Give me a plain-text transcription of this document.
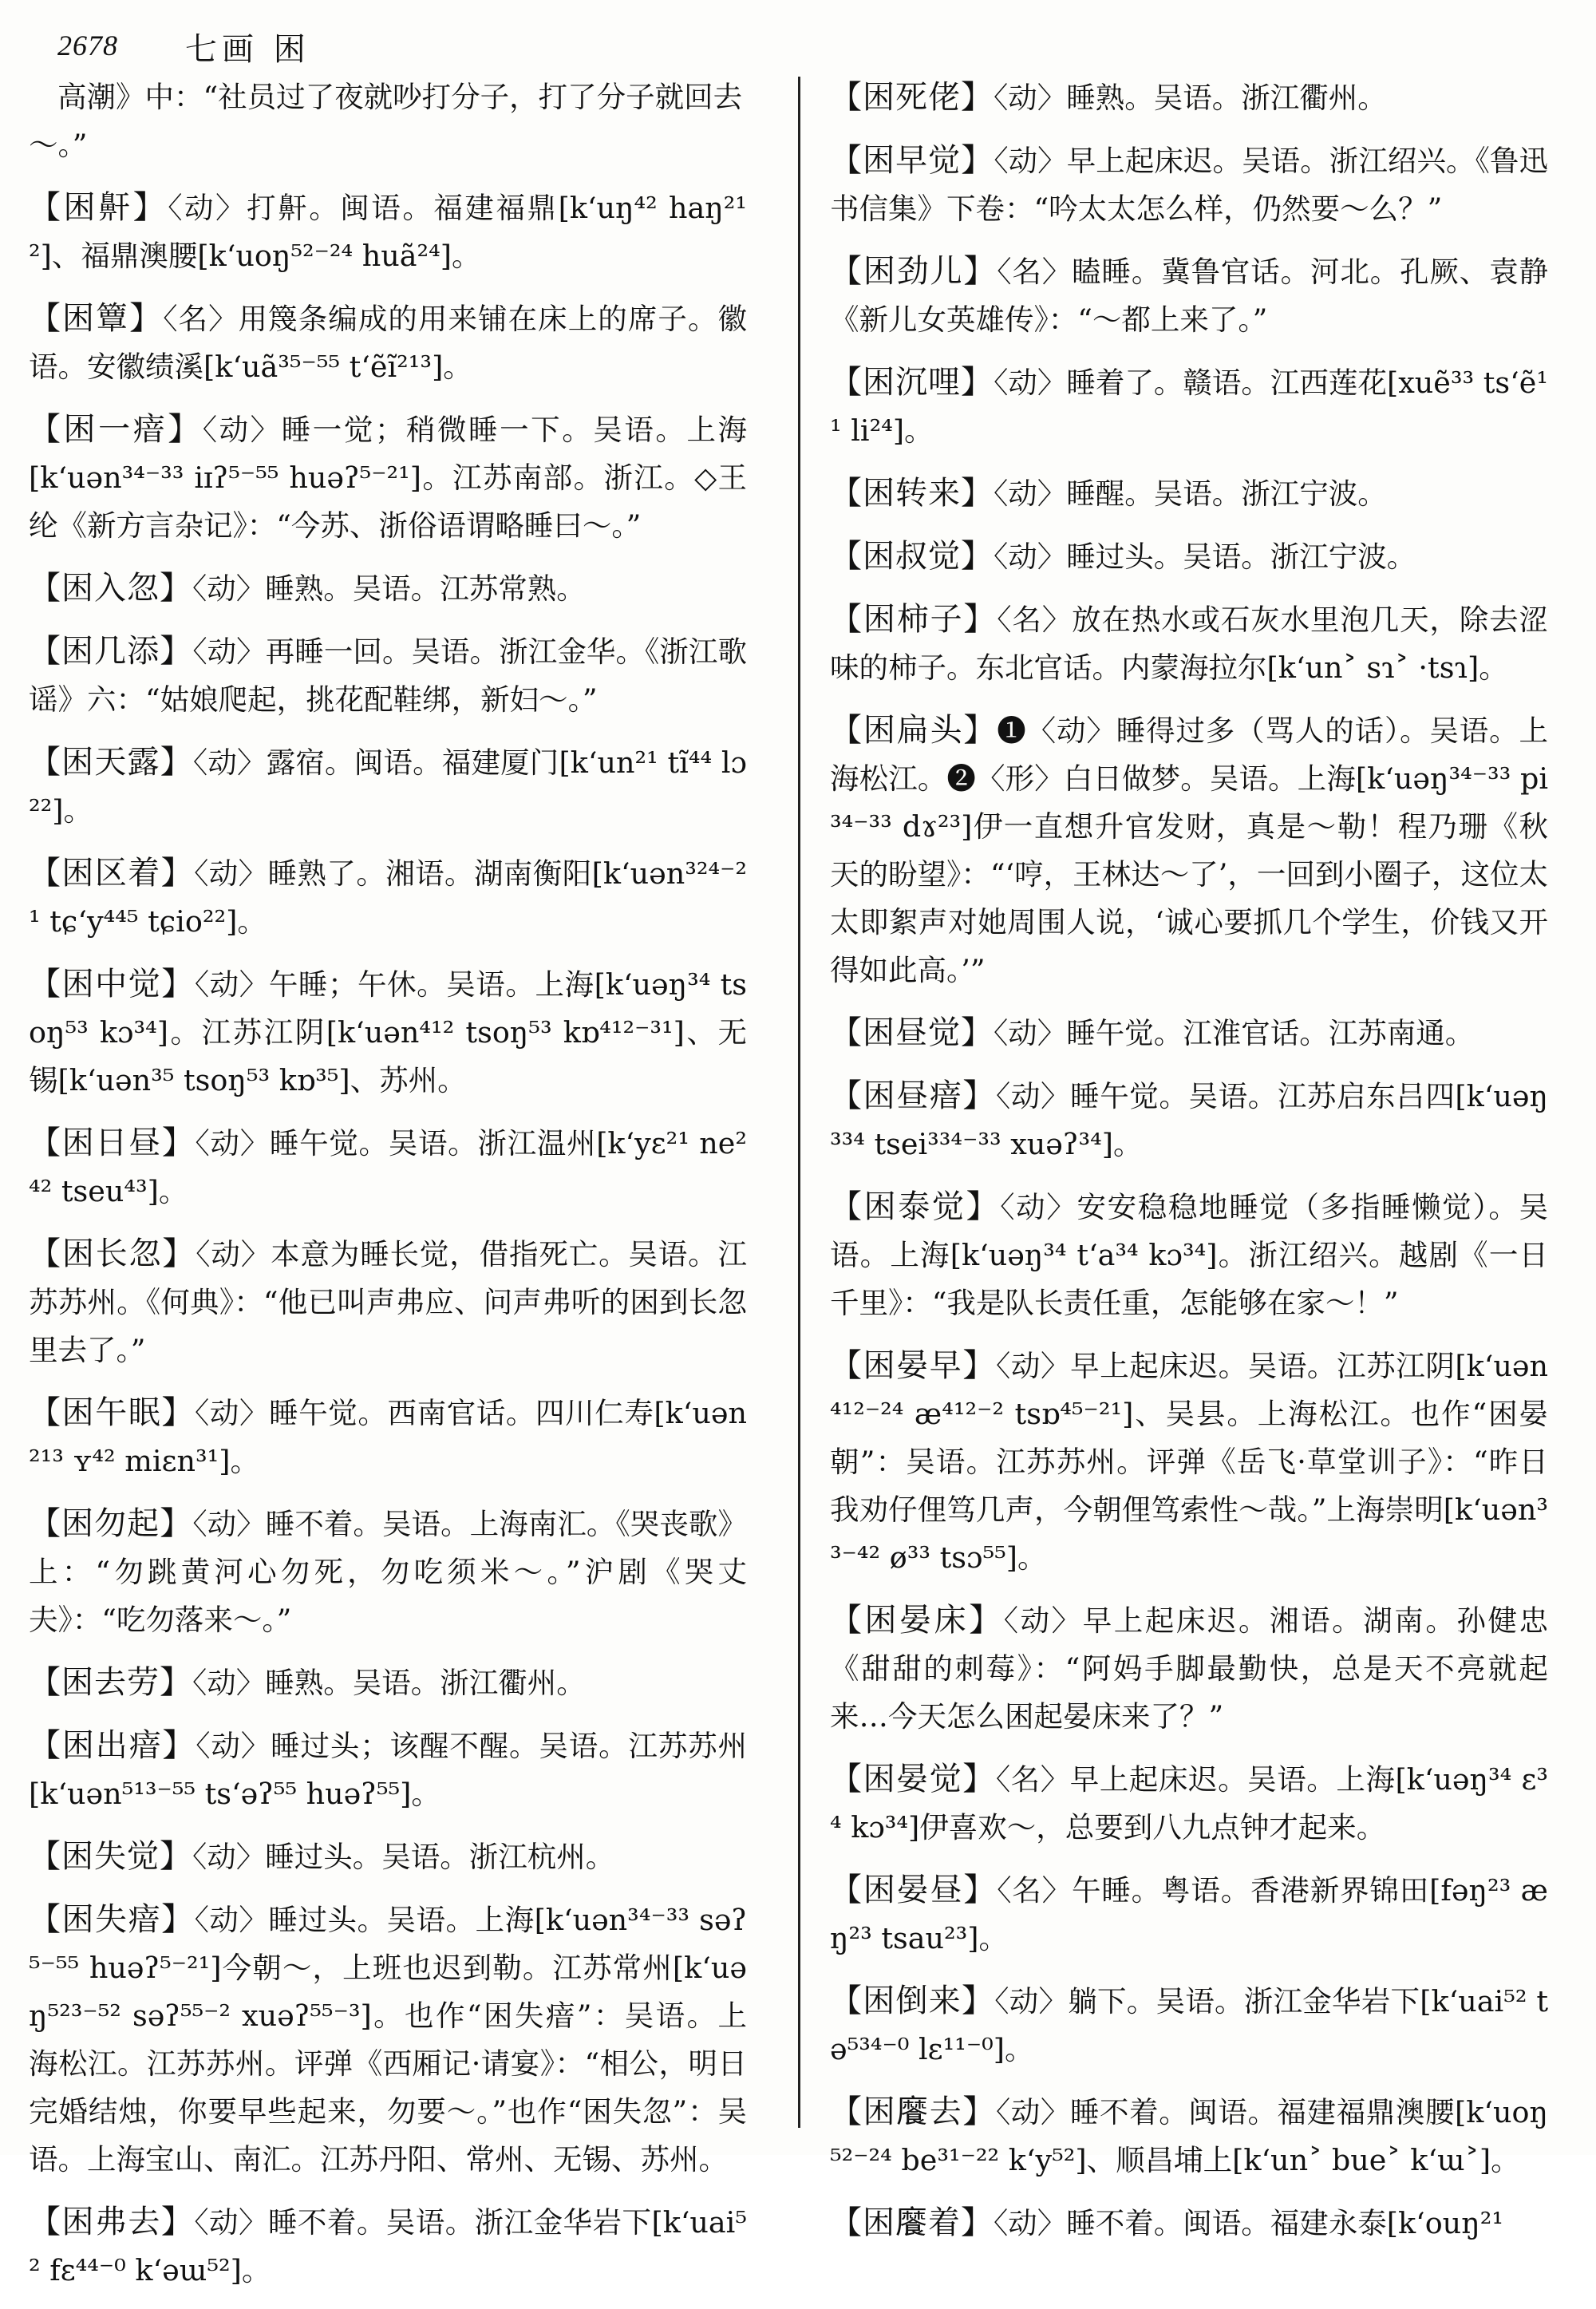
2678 七画 困
高潮》中：“社员过了夜就吵打分子，打了分子就回去～。”
【困鼾】〈动〉打鼾。闽语。福建福鼎[k‘uŋ⁴² haŋ²¹²]、福鼎澳腰[k‘uoŋ⁵²⁻²⁴ huã²⁴]。
【困簟】〈名〉用篾条编成的用来铺在床上的席子。徽语。安徽绩溪[k‘uã³⁵⁻⁵⁵ t‘ẽĩ²¹³]。
【困一瘖】〈动〉睡一觉；稍微睡一下。吴语。上海[k‘uən³⁴⁻³³ iɪʔ⁵⁻⁵⁵ huəʔ⁵⁻²¹]。江苏南部。浙江。◇王纶《新方言杂记》：“今苏、浙俗语谓略睡曰～。”
【困入忽】〈动〉睡熟。吴语。江苏常熟。
【困几添】〈动〉再睡一回。吴语。浙江金华。《浙江歌谣》六：“姑娘爬起，挑花配鞋绑，新妇～。”
【困天露】〈动〉露宿。闽语。福建厦门[k‘un²¹ tĩ⁴⁴ lɔ²²]。
【困区着】〈动〉睡熟了。湘语。湖南衡阳[k‘uən³²⁴⁻²¹ tɕ‘y⁴⁴⁵ tɕio²²]。
【困中觉】〈动〉午睡；午休。吴语。上海[k‘uəŋ³⁴ tsoŋ⁵³ kɔ³⁴]。江苏江阴[k‘uən⁴¹² tsoŋ⁵³ kɒ⁴¹²⁻³¹]、无锡[k‘uən³⁵ tsoŋ⁵³ kɒ³⁵]、苏州。
【困日昼】〈动〉睡午觉。吴语。浙江温州[k‘yɛ²¹ ne²⁴² tseu⁴³]。
【困长忽】〈动〉本意为睡长觉，借指死亡。吴语。江苏苏州。《何典》：“他已叫声弗应、问声弗听的困到长忽里去了。”
【困午眠】〈动〉睡午觉。西南官话。四川仁寿[k‘uən²¹³ ʏ⁴² miɛn³¹]。
【困勿起】〈动〉睡不着。吴语。上海南汇。《哭丧歌》上：“勿跳黄河心勿死，勿吃须米～。”沪剧《哭丈夫》：“吃勿落来～。”
【困去劳】〈动〉睡熟。吴语。浙江衢州。
【困出瘖】〈动〉睡过头；该醒不醒。吴语。江苏苏州[k‘uən⁵¹³⁻⁵⁵ ts‘əʔ⁵⁵ huəʔ⁵⁵]。
【困失觉】〈动〉睡过头。吴语。浙江杭州。
【困失瘖】〈动〉睡过头。吴语。上海[k‘uən³⁴⁻³³ səʔ⁵⁻⁵⁵ huəʔ⁵⁻²¹]今朝～，上班也迟到勒。江苏常州[k‘uəŋ⁵²³⁻⁵² səʔ⁵⁵⁻² xuəʔ⁵⁵⁻³]。也作“困失瘖”：吴语。上海松江。江苏苏州。评弹《西厢记·请宴》：“相公，明日完婚结烛，你要早些起来，勿要～。”也作“困失忽”：吴语。上海宝山、南汇。江苏丹阳、常州、无锡、苏州。
【困弗去】〈动〉睡不着。吴语。浙江金华岩下[k‘uai⁵² fɛ⁴⁴⁻⁰ k‘əɯ⁵²]。
【困死佬】〈动〉睡熟。吴语。浙江衢州。
【困早觉】〈动〉早上起床迟。吴语。浙江绍兴。《鲁迅书信集》下卷：“吟太太怎么样，仍然要～么？”
【困劲儿】〈名〉瞌睡。冀鲁官话。河北。孔厥、袁静《新儿女英雄传》：“～都上来了。”
【困沉哩】〈动〉睡着了。赣语。江西莲花[xuẽ³³ ts‘ẽ¹¹ li²⁴]。
【困转来】〈动〉睡醒。吴语。浙江宁波。
【困叔觉】〈动〉睡过头。吴语。浙江宁波。
【困柿子】〈名〉放在热水或石灰水里泡几天，除去涩味的柿子。东北官话。内蒙海拉尔[k‘un˃ sɿ˃ ·tsɿ]。
【困扁头】❶〈动〉睡得过多（骂人的话）。吴语。上海松江。❷〈形〉白日做梦。吴语。上海[k‘uəŋ³⁴⁻³³ pi³⁴⁻³³ dɤ²³]伊一直想升官发财，真是～勒！程乃珊《秋天的盼望》：“‘哼，王林达～了’，一回到小圈子，这位太太即絮声对她周围人说，‘诚心要抓几个学生，价钱又开得如此高。’”
【困昼觉】〈动〉睡午觉。江淮官话。江苏南通。
【困昼瘖】〈动〉睡午觉。吴语。江苏启东吕四[k‘uəŋ³³⁴ tsei³³⁴⁻³³ xuəʔ³⁴]。
【困泰觉】〈动〉安安稳稳地睡觉（多指睡懒觉）。吴语。上海[k‘uəŋ³⁴ t‘a³⁴ kɔ³⁴]。浙江绍兴。越剧《一日千里》：“我是队长责任重，怎能够在家～！”
【困晏早】〈动〉早上起床迟。吴语。江苏江阴[k‘uən⁴¹²⁻²⁴ æ⁴¹²⁻² tsɒ⁴⁵⁻²¹]、吴县。上海松江。也作“困晏朝”：吴语。江苏苏州。评弹《岳飞·草堂训子》：“昨日我劝仔俚笃几声，今朝俚笃索性～哉。”上海崇明[k‘uən³³⁻⁴² ø³³ tsɔ⁵⁵]。
【困晏床】〈动〉早上起床迟。湘语。湖南。孙健忠《甜甜的刺莓》：“阿妈手脚最勤快，总是天不亮就起来…今天怎么困起晏床来了？”
【困晏觉】〈名〉早上起床迟。吴语。上海[k‘uəŋ³⁴ ɛ³⁴ kɔ³⁴]伊喜欢～，总要到八九点钟才起来。
【困晏昼】〈名〉午睡。粤语。香港新界锦田[fəŋ²³ æŋ²³ tsau²³]。
【困倒来】〈动〉躺下。吴语。浙江金华岩下[k‘uai⁵² tə⁵³⁴⁻⁰ lɛ¹¹⁻⁰]。
【困𩞁去】〈动〉睡不着。闽语。福建福鼎澳腰[k‘uoŋ⁵²⁻²⁴ be³¹⁻²² k‘y⁵²]、顺昌埔上[k‘un˃ bue˃ k‘ɯ˃]。
【困𩞁着】〈动〉睡不着。闽语。福建永泰[k‘ouŋ²¹
